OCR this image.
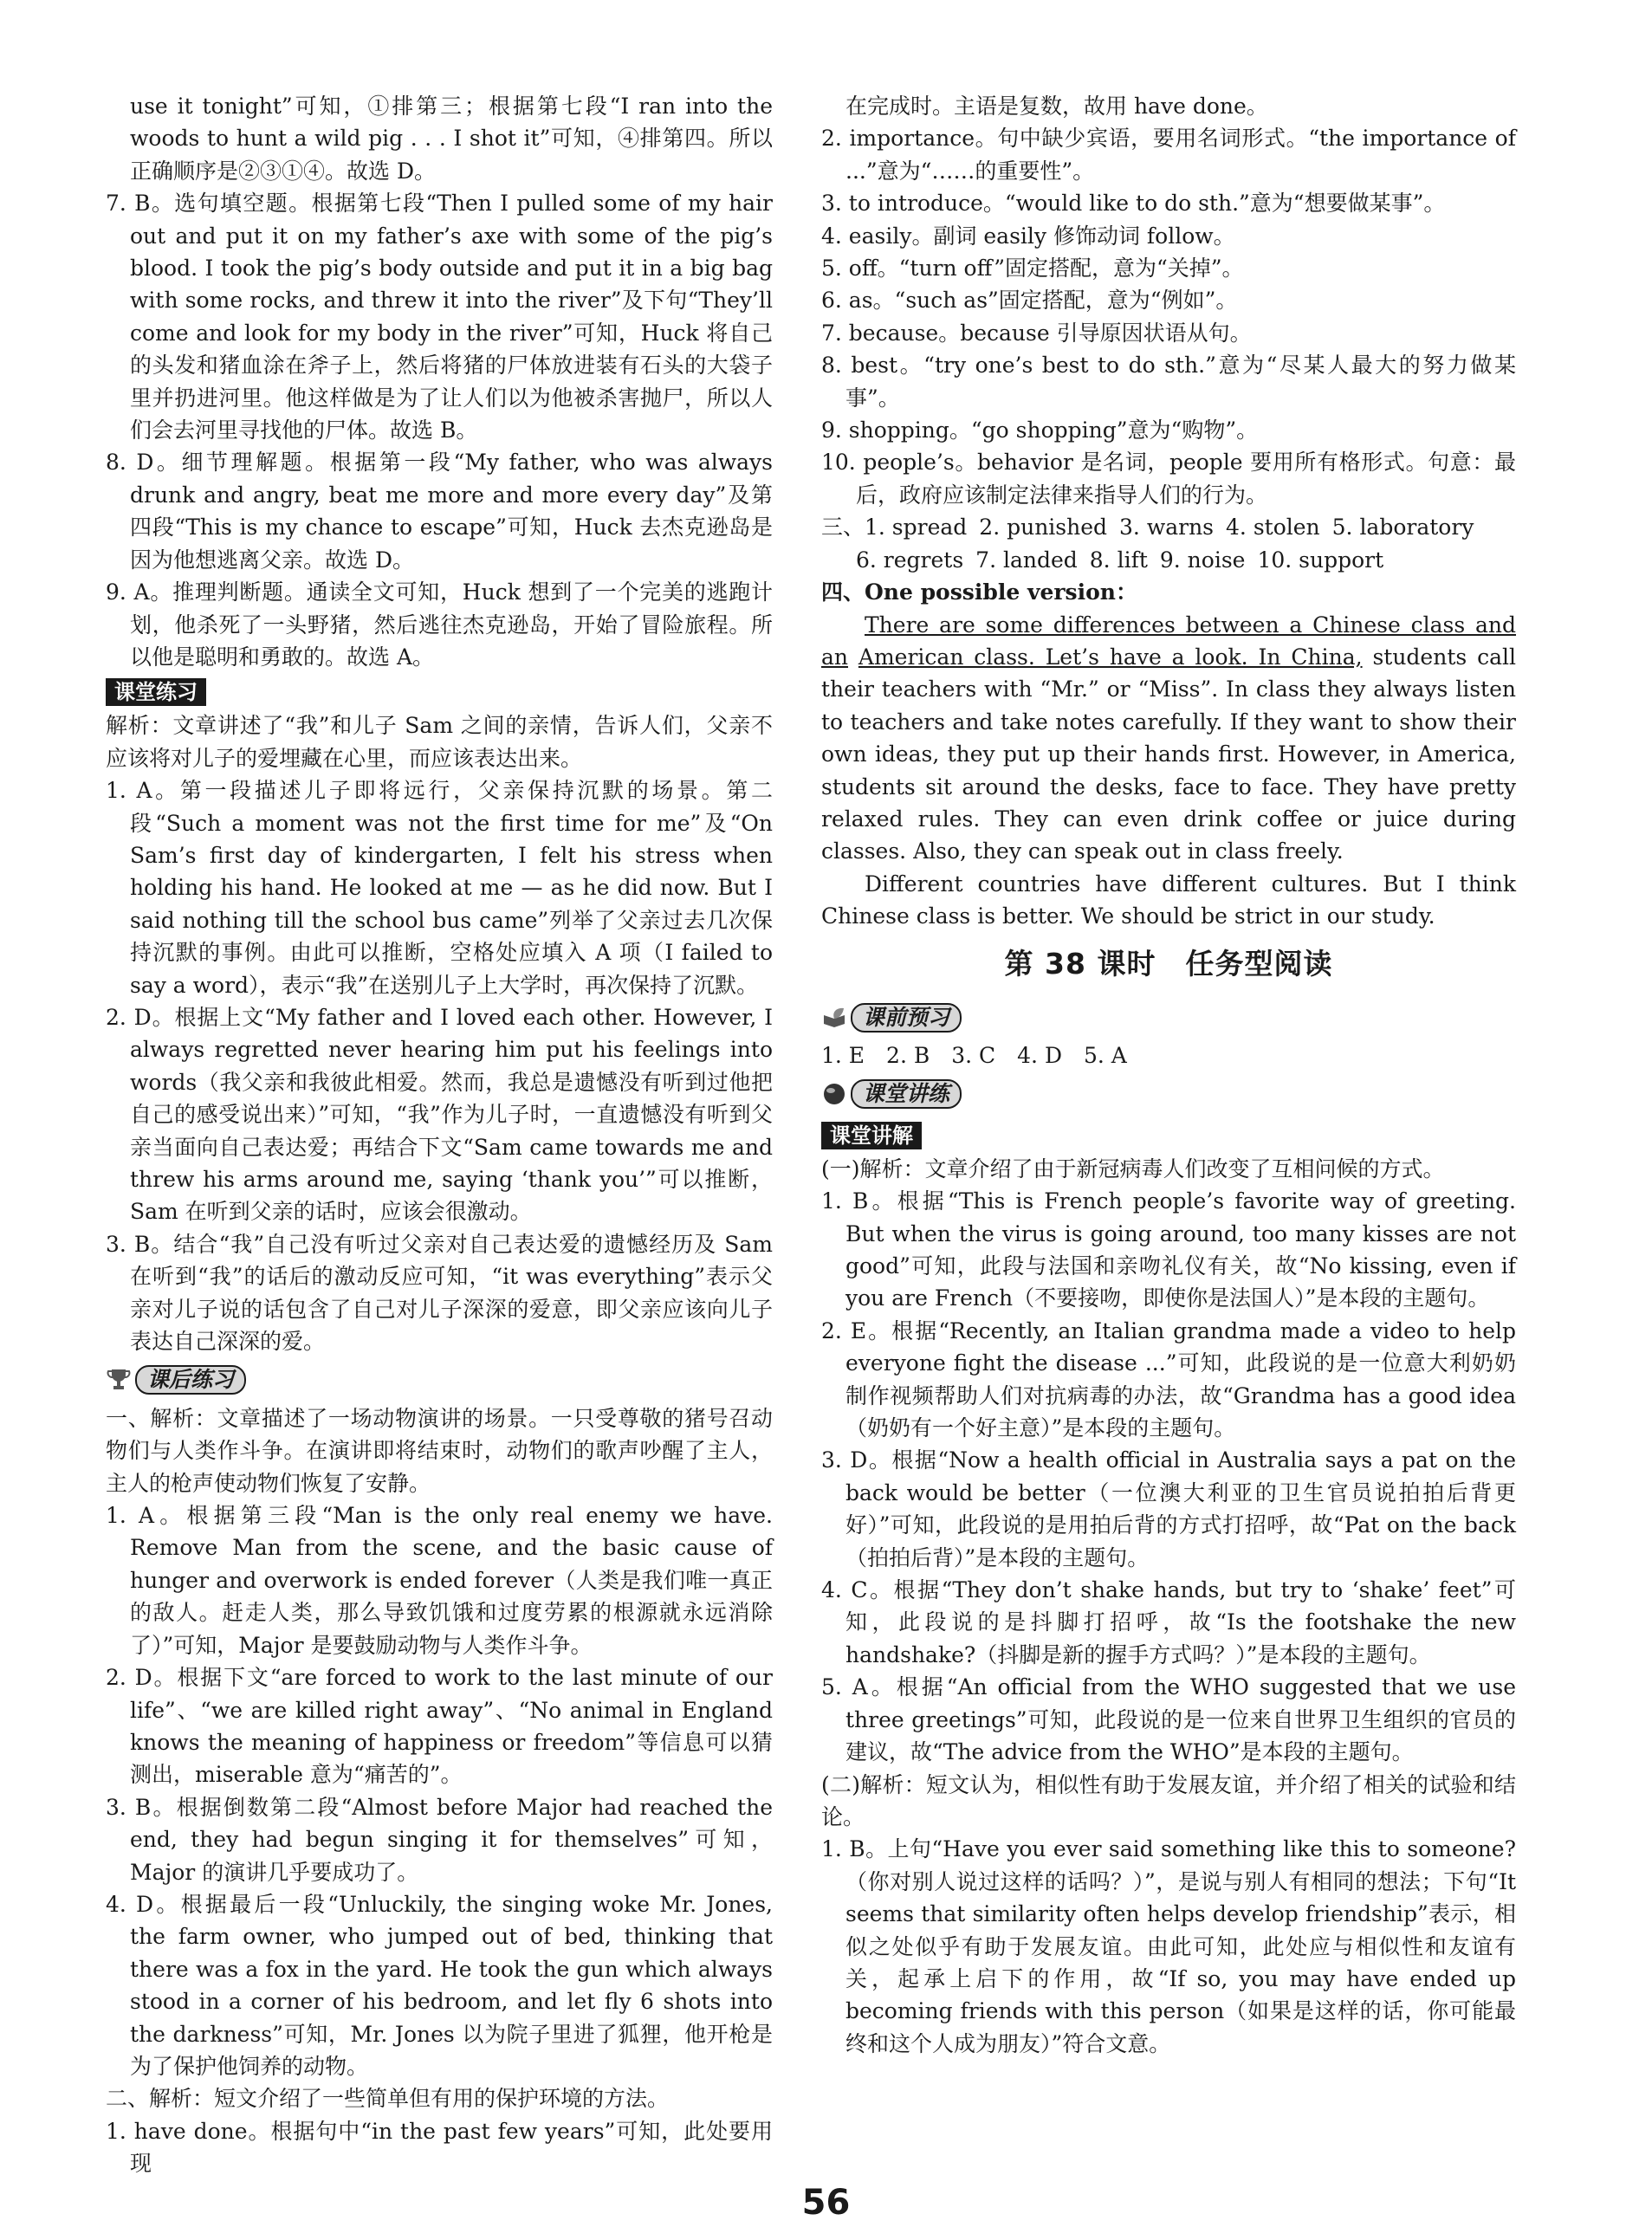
use it tonight”可知，①排第三；根据第七段“I ran into the woods to hunt a wild pig . . . I shot it”可知，④排第四。所以正确顺序是②③①④。故选 D。

7. B。选句填空题。根据第七段“Then I pulled some of my hair out and put it on my father’s axe with some of the pig’s blood. I took the pig’s body outside and put it in a big bag with some rocks, and threw it into the river”及下句“They’ll come and look for my body in the river”可知，Huck 将自己的头发和猪血涂在斧子上，然后将猪的尸体放进装有石头的大袋子里并扔进河里。他这样做是为了让人们以为他被杀害抛尸，所以人们会去河里寻找他的尸体。故选 B。

8. D。细节理解题。根据第一段“My father, who was always drunk and angry, beat me more and more every day”及第四段“This is my chance to escape”可知，Huck 去杰克逊岛是因为他想逃离父亲。故选 D。

9. A。推理判断题。通读全文可知，Huck 想到了一个完美的逃跑计划，他杀死了一头野猪，然后逃往杰克逊岛，开始了冒险旅程。所以他是聪明和勇敢的。故选 A。

课堂练习

解析：文章讲述了“我”和儿子 Sam 之间的亲情，告诉人们，父亲不应该将对儿子的爱埋藏在心里，而应该表达出来。

1. A。第一段描述儿子即将远行，父亲保持沉默的场景。第二段“Such a moment was not the first time for me”及“On Sam’s first day of kindergarten, I felt his stress when holding his hand. He looked at me — as he did now. But I said nothing till the school bus came”列举了父亲过去几次保持沉默的事例。由此可以推断，空格处应填入 A 项（I failed to say a word），表示“我”在送别儿子上大学时，再次保持了沉默。

2. D。根据上文“My father and I loved each other. However, I always regretted never hearing him put his feelings into words（我父亲和我彼此相爱。然而，我总是遗憾没有听到过他把自己的感受说出来）”可知，“我”作为儿子时，一直遗憾没有听到父亲当面向自己表达爱；再结合下文“Sam came towards me and threw his arms around me, saying ‘thank you’”可以推断，Sam 在听到父亲的话时，应该会很激动。

3. B。结合“我”自己没有听过父亲对自己表达爱的遗憾经历及 Sam 在听到“我”的话后的激动反应可知，“it was everything”表示父亲对儿子说的话包含了自己对儿子深深的爱意，即父亲应该向儿子表达自己深深的爱。

课后练习

一、解析：文章描述了一场动物演讲的场景。一只受尊敬的猪号召动物们与人类作斗争。在演讲即将结束时，动物们的歌声吵醒了主人，主人的枪声使动物们恢复了安静。

1. A。根据第三段“Man is the only real enemy we have. Remove Man from the scene, and the basic cause of hunger and overwork is ended forever（人类是我们唯一真正的敌人。赶走人类，那么导致饥饿和过度劳累的根源就永远消除了）”可知，Major 是要鼓励动物与人类作斗争。

2. D。根据下文“are forced to work to the last minute of our life”、“we are killed right away”、“No animal in England knows the meaning of happiness or freedom”等信息可以猜测出，miserable 意为“痛苦的”。

3. B。根据倒数第二段“Almost before Major had reached the end, they had begun singing it for themselves”可知，Major 的演讲几乎要成功了。

4. D。根据最后一段“Unluckily, the singing woke Mr. Jones, the farm owner, who jumped out of bed, thinking that there was a fox in the yard. He took the gun which always stood in a corner of his bedroom, and let fly 6 shots into the darkness”可知，Mr. Jones 以为院子里进了狐狸，他开枪是为了保护他饲养的动物。

二、解析：短文介绍了一些简单但有用的保护环境的方法。

1. have done。根据句中“in the past few years”可知，此处要用现

在完成时。主语是复数，故用 have done。

2. importance。句中缺少宾语，要用名词形式。“the importance of ...”意为“……的重要性”。

3. to introduce。“would like to do sth.”意为“想要做某事”。

4. easily。副词 easily 修饰动词 follow。

5. off。“turn off”固定搭配，意为“关掉”。

6. as。“such as”固定搭配，意为“例如”。

7. because。because 引导原因状语从句。

8. best。“try one’s best to do sth.”意为“尽某人最大的努力做某事”。

9. shopping。“go shopping”意为“购物”。

10. people’s。behavior 是名词，people 要用所有格形式。句意：最后，政府应该制定法律来指导人们的行为。

三、1. spread 2. punished 3. warns 4. stolen 5. laboratory
6. regrets 7. landed 8. lift 9. noise 10. support

四、One possible version：

There are some differences between a Chinese class and an American class. Let’s have a look. In China, students call their teachers with “Mr.” or “Miss”. In class they always listen to teachers and take notes carefully. If they want to show their own ideas, they put up their hands first. However, in America, students sit around the desks, face to face. They have pretty relaxed rules. They can even drink coffee or juice during classes. Also, they can speak out in class freely.

Different countries have different cultures. But I think Chinese class is better. We should be strict in our study.

第 38 课时　任务型阅读
课前预习

1. E　2. B　3. C　4. D　5. A

课堂讲练
课堂讲解

(一)解析：文章介绍了由于新冠病毒人们改变了互相问候的方式。

1. B。根据“This is French people’s favorite way of greeting. But when the virus is going around, too many kisses are not good”可知，此段与法国和亲吻礼仪有关，故“No kissing, even if you are French（不要接吻，即使你是法国人）”是本段的主题句。

2. E。根据“Recently, an Italian grandma made a video to help everyone fight the disease ...”可知，此段说的是一位意大利奶奶制作视频帮助人们对抗病毒的办法，故“Grandma has a good idea（奶奶有一个好主意）”是本段的主题句。

3. D。根据“Now a health official in Australia says a pat on the back would be better（一位澳大利亚的卫生官员说拍拍后背更好）”可知，此段说的是用拍后背的方式打招呼，故“Pat on the back（拍拍后背）”是本段的主题句。

4. C。根据“They don’t shake hands, but try to ‘shake’ feet”可知，此段说的是抖脚打招呼，故“Is the footshake the new handshake?（抖脚是新的握手方式吗？）”是本段的主题句。

5. A。根据“An official from the WHO suggested that we use three greetings”可知，此段说的是一位来自世界卫生组织的官员的建议，故“The advice from the WHO”是本段的主题句。

(二)解析：短文认为，相似性有助于发展友谊，并介绍了相关的试验和结论。

1. B。上句“Have you ever said something like this to someone?（你对别人说过这样的话吗？）”，是说与别人有相同的想法；下句“It seems that similarity often helps develop friendship”表示，相似之处似乎有助于发展友谊。由此可知，此处应与相似性和友谊有关，起承上启下的作用，故“If so, you may have ended up becoming friends with this person（如果是这样的话，你可能最终和这个人成为朋友）”符合文意。

56
